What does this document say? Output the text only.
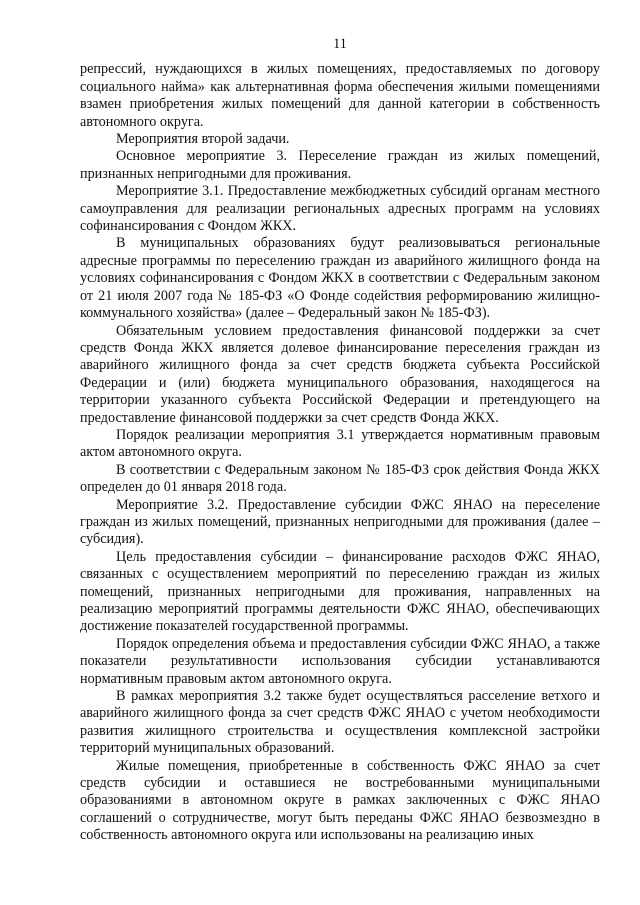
11

репрессий, нуждающихся в жилых помещениях, предоставляемых по договору социального найма» как альтернативная форма обеспечения жилыми помещениями взамен приобретения жилых помещений для данной категории в собственность автономного округа.

Мероприятия второй задачи.

Основное мероприятие 3. Переселение граждан из жилых помещений, признанных непригодными для проживания.

Мероприятие 3.1. Предоставление межбюджетных субсидий органам местного самоуправления для реализации региональных адресных программ на условиях софинансирования с Фондом ЖКХ.

В муниципальных образованиях будут реализовываться региональные адресные программы по переселению граждан из аварийного жилищного фонда на условиях софинансирования с Фондом ЖКХ в соответствии с Федеральным законом от 21 июля 2007 года № 185-ФЗ «О Фонде содействия реформированию жилищно-коммунального хозяйства» (далее – Федеральный закон № 185-ФЗ).

Обязательным условием предоставления финансовой поддержки за счет средств Фонда ЖКХ является долевое финансирование переселения граждан из аварийного жилищного фонда за счет средств бюджета субъекта Российской Федерации и (или) бюджета муниципального образования, находящегося на территории указанного субъекта Российской Федерации и претендующего на предоставление финансовой поддержки за счет средств Фонда ЖКХ.

Порядок реализации мероприятия 3.1 утверждается нормативным правовым актом автономного округа.

В соответствии с Федеральным законом № 185-ФЗ срок действия Фонда ЖКХ определен до 01 января 2018 года.

Мероприятие 3.2. Предоставление субсидии ФЖС ЯНАО на переселение граждан из жилых помещений, признанных непригодными для проживания (далее – субсидия).

Цель предоставления субсидии – финансирование расходов ФЖС ЯНАО, связанных с осуществлением мероприятий по переселению граждан из жилых помещений, признанных непригодными для проживания, направленных на реализацию мероприятий программы деятельности ФЖС ЯНАО, обеспечивающих достижение показателей государственной программы.

Порядок определения объема и предоставления субсидии ФЖС ЯНАО, а также показатели результативности использования субсидии устанавливаются нормативным правовым актом автономного округа.

В рамках мероприятия 3.2 также будет осуществляться расселение ветхого и аварийного жилищного фонда за счет средств ФЖС ЯНАО с учетом необходимости развития жилищного строительства и осуществления комплексной застройки территорий муниципальных образований.

Жилые помещения, приобретенные в собственность ФЖС ЯНАО за счет средств субсидии и оставшиеся не востребованными муниципальными образованиями в автономном округе в рамках заключенных с ФЖС ЯНАО соглашений о сотрудничестве, могут быть переданы ФЖС ЯНАО безвозмездно в собственность автономного округа или использованы на реализацию иных
